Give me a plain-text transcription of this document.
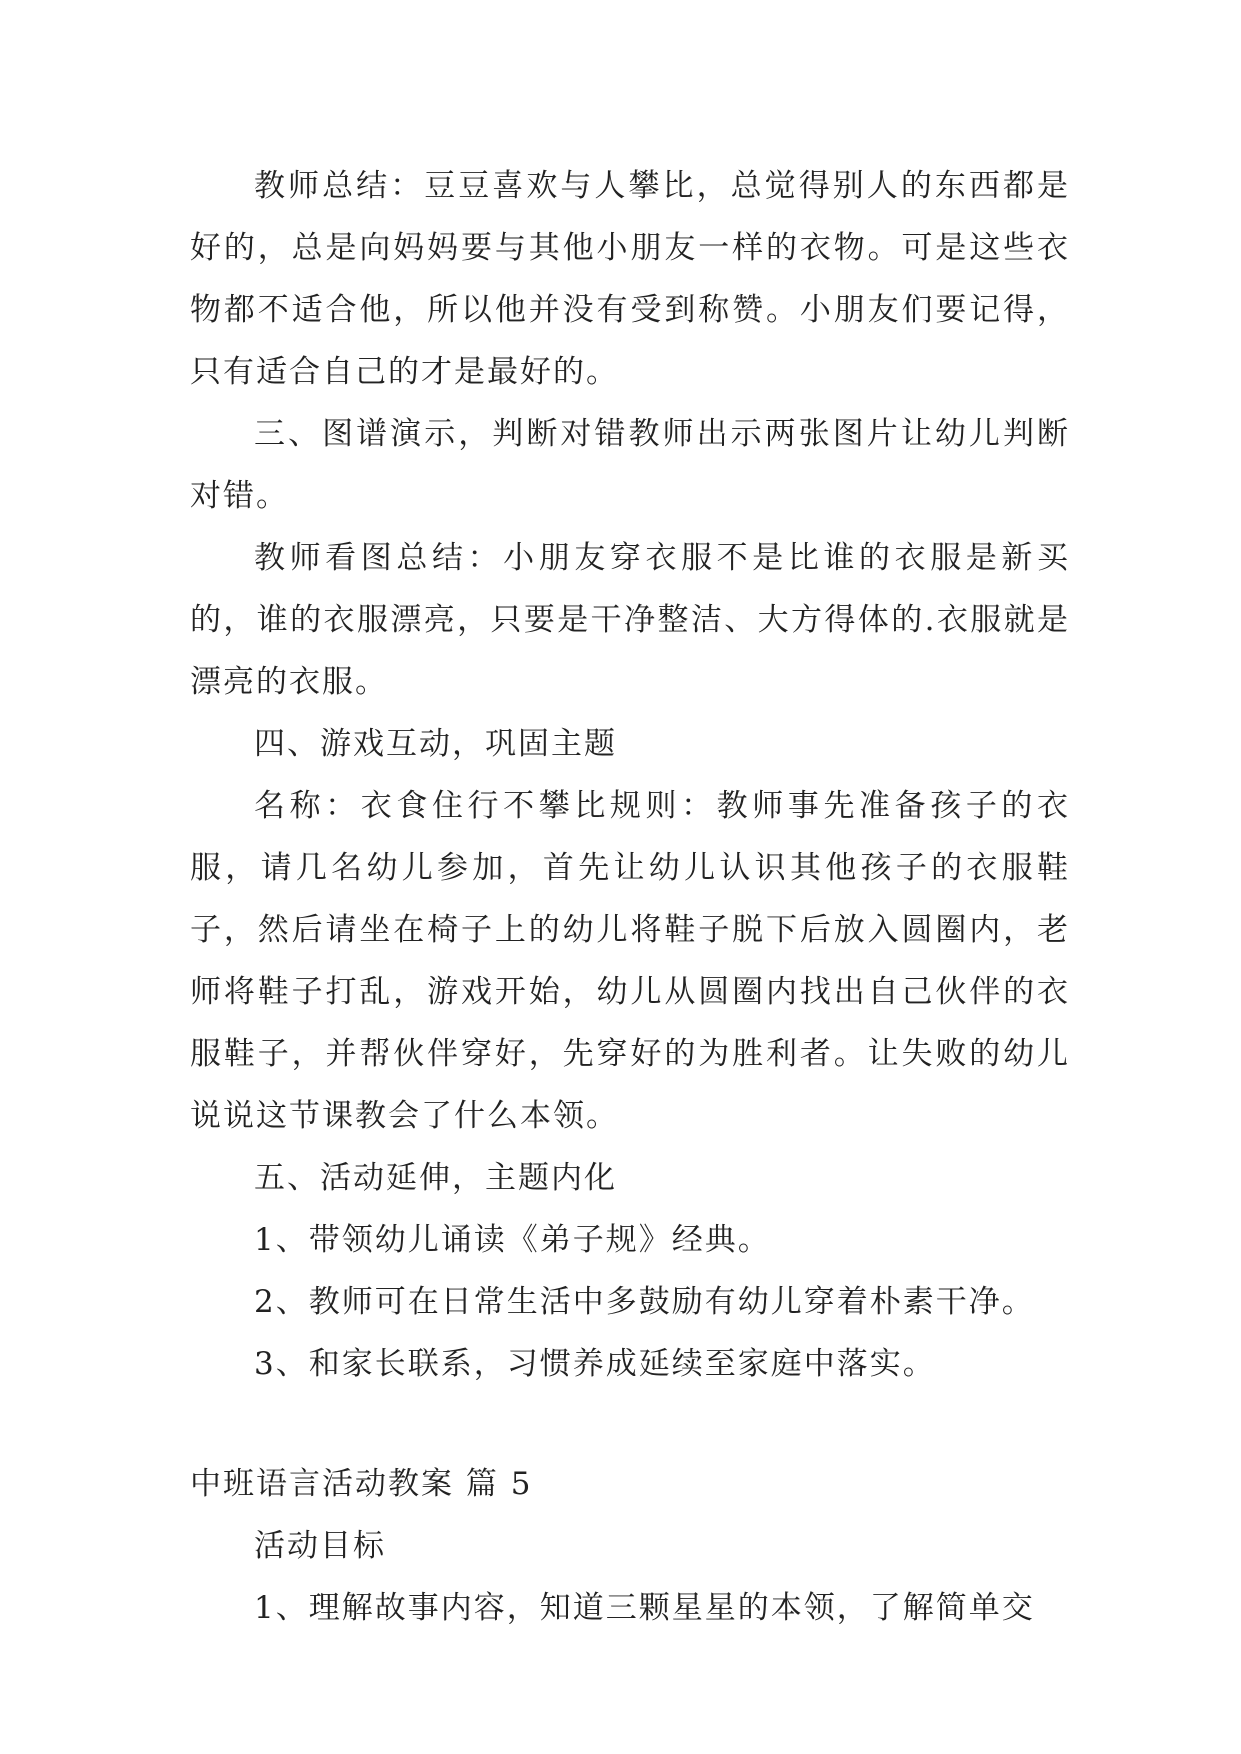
教师总结：豆豆喜欢与人攀比，总觉得别人的东西都是好的，总是向妈妈要与其他小朋友一样的衣物。可是这些衣物都不适合他，所以他并没有受到称赞。小朋友们要记得，只有适合自己的才是最好的。

三、图谱演示，判断对错教师出示两张图片让幼儿判断对错。

教师看图总结：小朋友穿衣服不是比谁的衣服是新买的，谁的衣服漂亮，只要是干净整洁、大方得体的.衣服就是漂亮的衣服。

四、游戏互动，巩固主题

名称：衣食住行不攀比规则：教师事先准备孩子的衣服，请几名幼儿参加，首先让幼儿认识其他孩子的衣服鞋子，然后请坐在椅子上的幼儿将鞋子脱下后放入圆圈内，老师将鞋子打乱，游戏开始，幼儿从圆圈内找出自己伙伴的衣服鞋子，并帮伙伴穿好，先穿好的为胜利者。让失败的幼儿说说这节课教会了什么本领。

五、活动延伸，主题内化

1、带领幼儿诵读《弟子规》经典。

2、教师可在日常生活中多鼓励有幼儿穿着朴素干净。

3、和家长联系，习惯养成延续至家庭中落实。

中班语言活动教案 篇 5

活动目标

1、理解故事内容，知道三颗星星的本领，了解简单交
